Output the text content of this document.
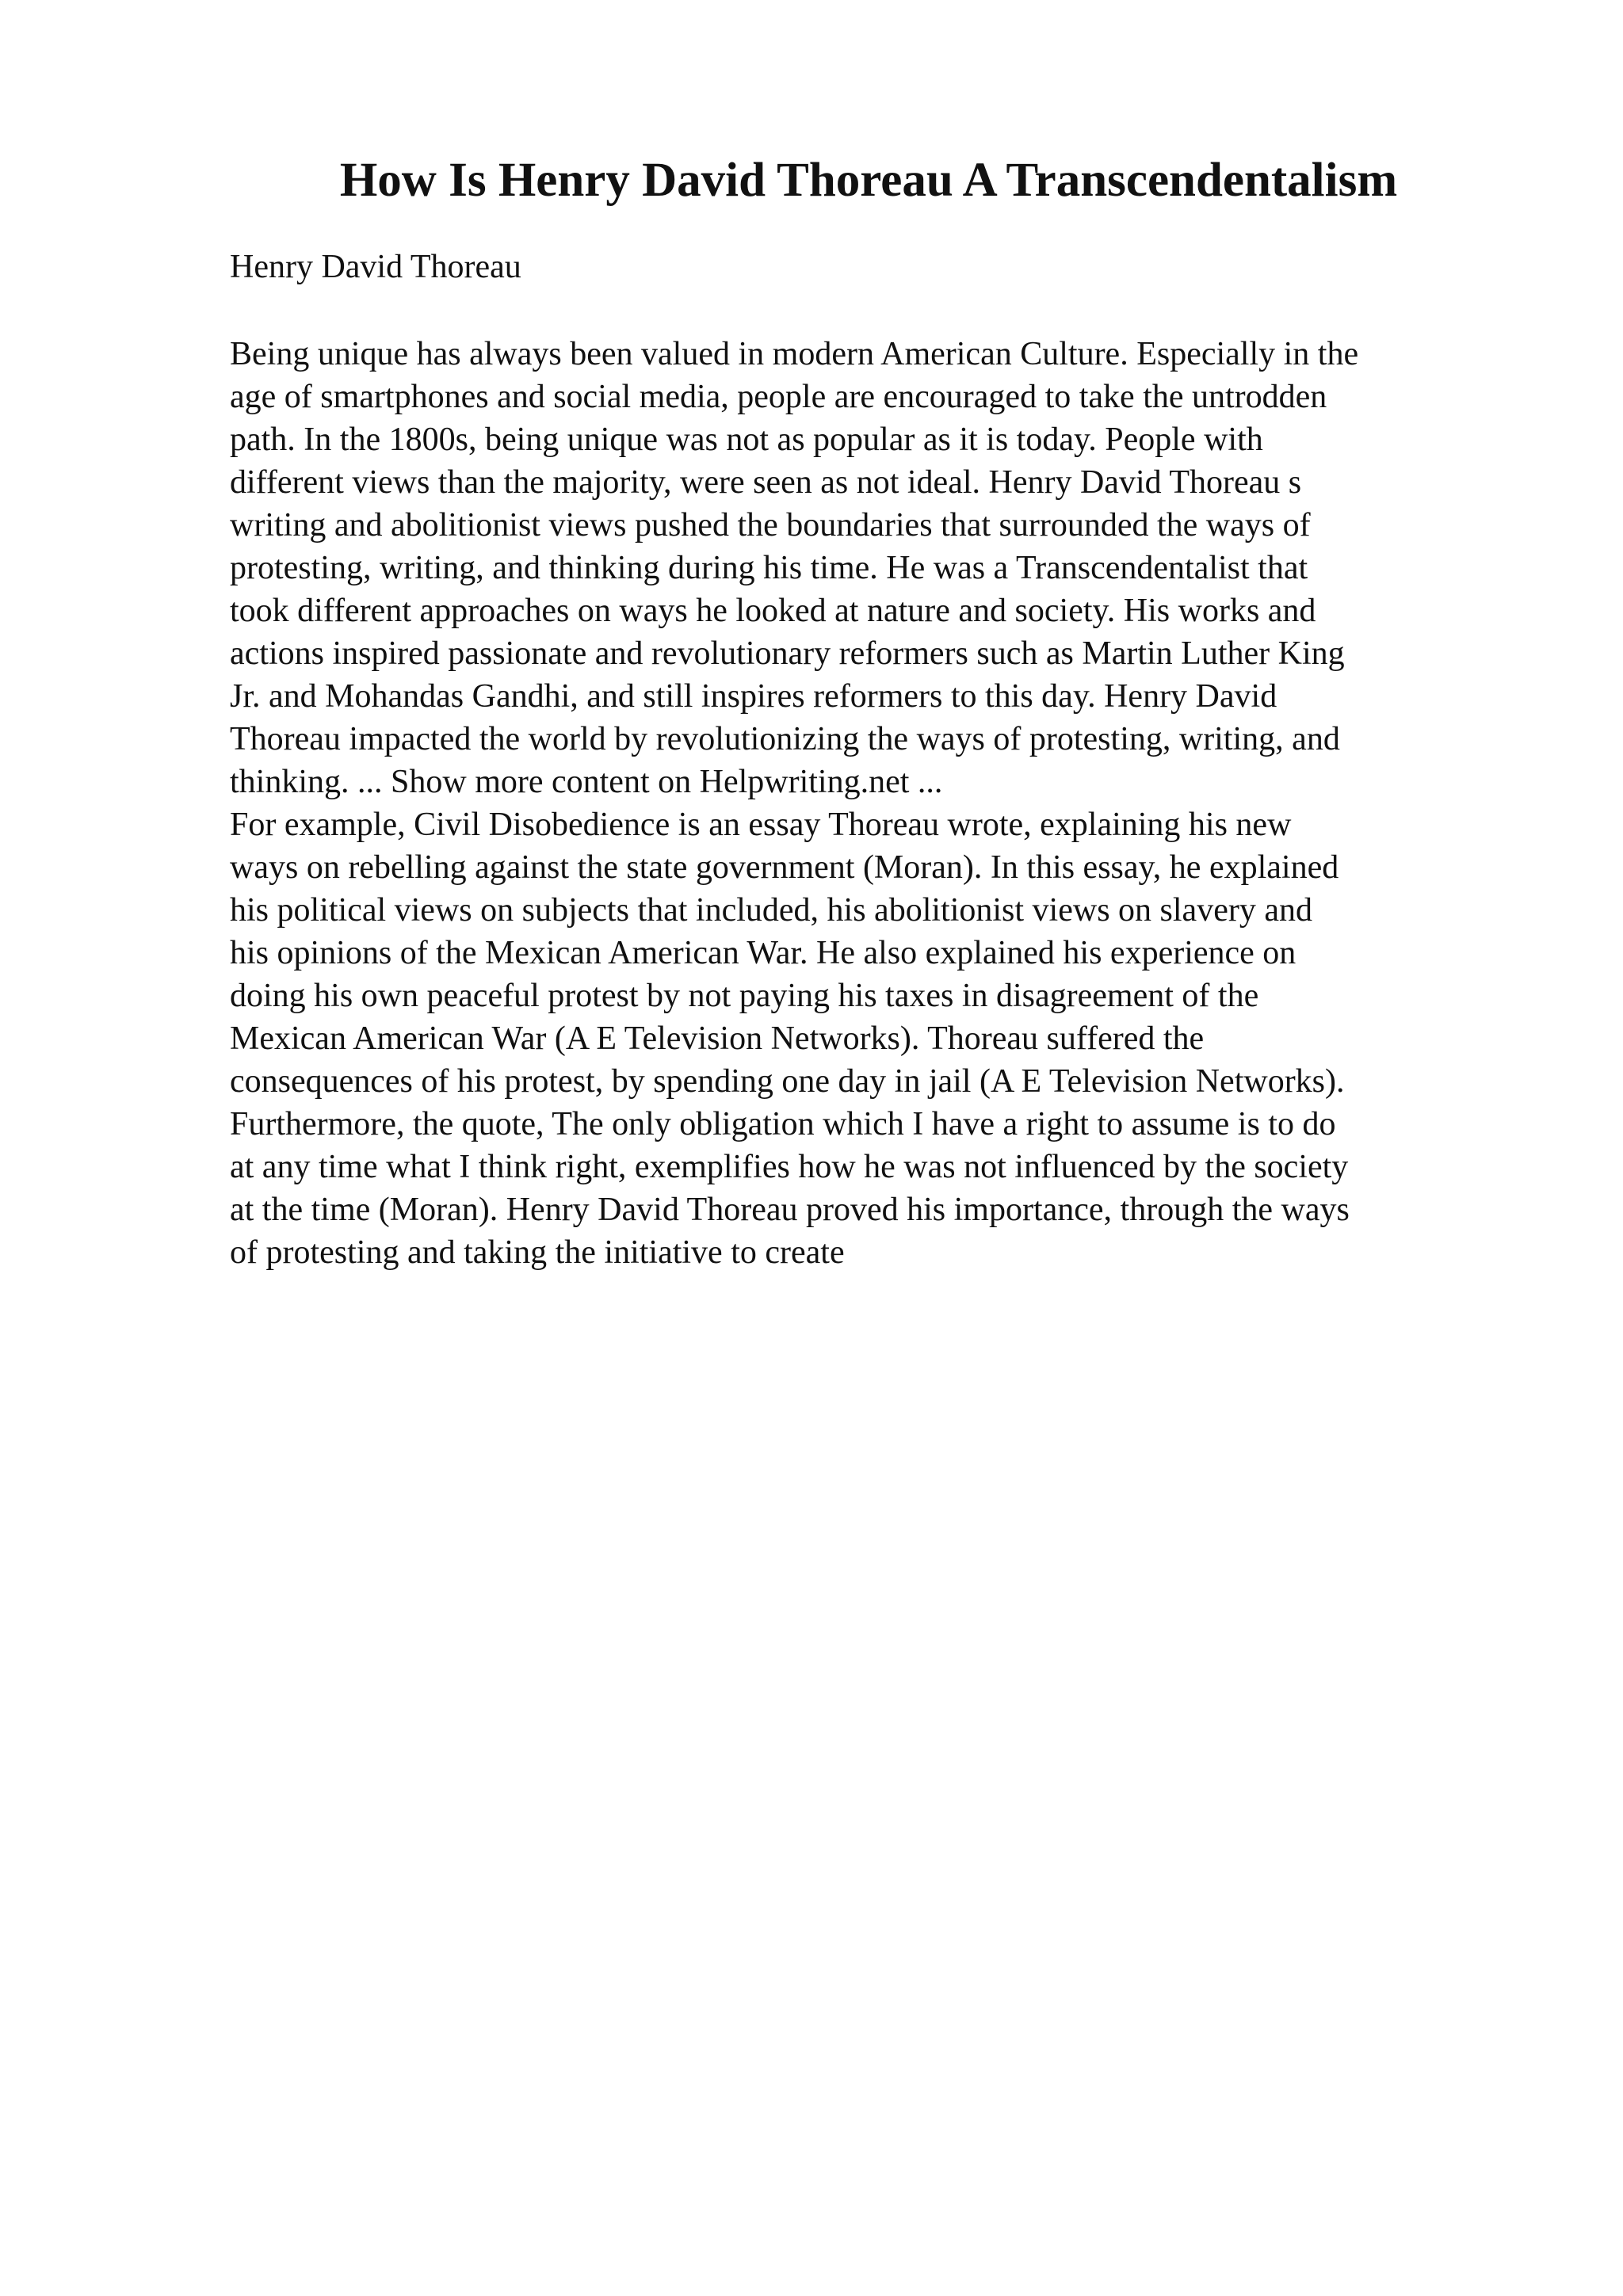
How Is Henry David Thoreau A Transcendentalism

Henry David Thoreau

Being unique has always been valued in modern American Culture. Especially in the
age of smartphones and social media, people are encouraged to take the untrodden
path. In the 1800s, being unique was not as popular as it is today. People with
different views than the majority, were seen as not ideal. Henry David Thoreau s
writing and abolitionist views pushed the boundaries that surrounded the ways of
protesting, writing, and thinking during his time. He was a Transcendentalist that
took different approaches on ways he looked at nature and society. His works and
actions inspired passionate and revolutionary reformers such as Martin Luther King
Jr. and Mohandas Gandhi, and still inspires reformers to this day. Henry David
Thoreau impacted the world by revolutionizing the ways of protesting, writing, and
thinking. ... Show more content on Helpwriting.net ...
For example, Civil Disobedience is an essay Thoreau wrote, explaining his new
ways on rebelling against the state government (Moran). In this essay, he explained
his political views on subjects that included, his abolitionist views on slavery and
his opinions of the Mexican American War. He also explained his experience on
doing his own peaceful protest by not paying his taxes in disagreement of the
Mexican American War (A E Television Networks). Thoreau suffered the
consequences of his protest, by spending one day in jail (A E Television Networks).
Furthermore, the quote, The only obligation which I have a right to assume is to do
at any time what I think right, exemplifies how he was not influenced by the society
at the time (Moran). Henry David Thoreau proved his importance, through the ways
of protesting and taking the initiative to create
